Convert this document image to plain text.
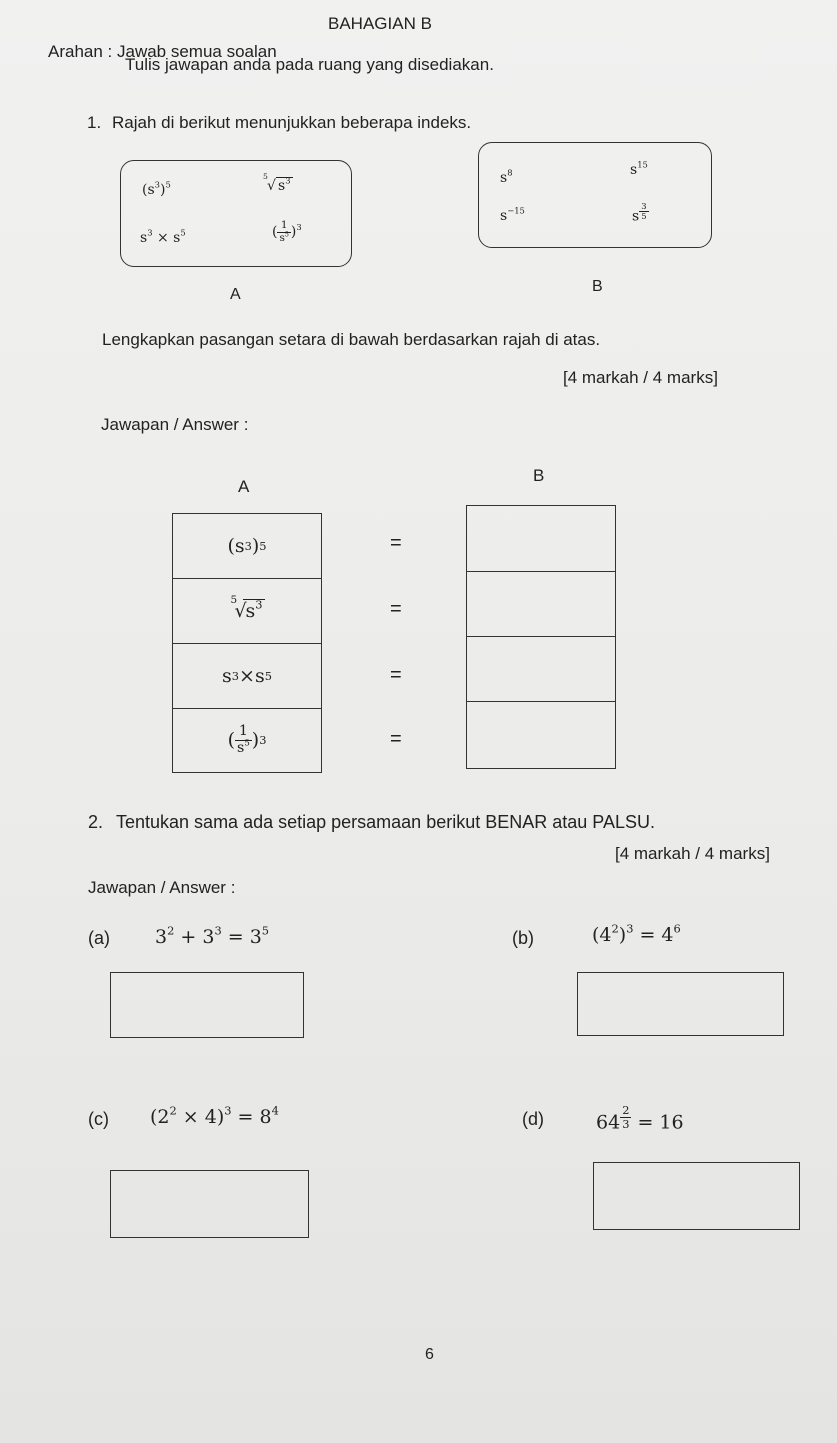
BAHAGIAN B
Arahan : Jawab semua soalan
Tulis jawapan anda pada ruang yang disediakan.
1. Rajah di berikut menunjukkan beberapa indeks.
$(s^3)^5$
5
√ $s^3$
$s^3 \times s^5$	( $\frac{1}{s^5} )^3$
A
$s^8$	$s^{15}$
$s^{-15}$	s $^{\frac{3}{5}}$
B
Lengkapkan pasangan setara di bawah berdasarkan rajah di atas.
[4 markah / 4 marks]
Jawapan / Answer :
A
B
(s 3 ) 5
5
√
$s^3$
s 3 × s 5
( $\frac{1}{s^5}$ ) 3
=
=
=
=
2. Tentukan sama ada setiap persamaan berikut BENAR atau PALSU.
[4 markah / 4 marks]
Jawapan / Answer :
(a) $3^2 + 3^3 = 3^5$	(b)	$(4^2)^3 = 4^6$
(c) $(2^2 \times 4)^3 = 8^4$	(d)	64 $^{\frac{2}{3}}$ = 16
6
